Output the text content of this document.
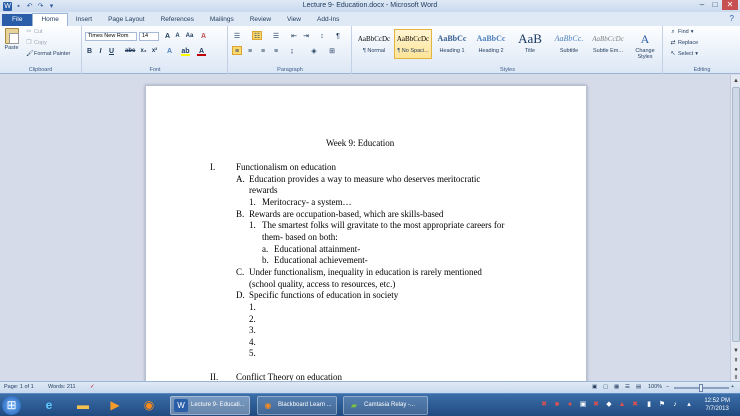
W ▪ ↶ ↷ ▾	Lecture 9- Education.docx - Microsoft Word	–	□	✕
File	Home	Insert	Page Layout	References	Mailings	Review	View	Add-Ins	?
Paste
✂ Cut
❐ Copy
🖌 Format Painter
Clipboard
Times New Rom	14	A A Aa A
B	I	U	abc x₂ x² A ab A
Font
☰ ☷ ☰ ⇤ ⇥	↕	¶
≡	≡	≡	≡	↨	◈	⊞
Paragraph
AaBbCcDc
¶ Normal
AaBbCcDc
¶ No Spaci...
AaBbCc
Heading 1
AaBbCc
Heading 2
AaB
Title
AaBbCc.
Subtitle
AaBbCcDc
Subtle Em...
A
Change Styles
Styles
⌕ Find ▾
⇄ Replace
↖ Select ▾
Editing
Week 9: Education
I. Functionalism on education
A. Education provides a way to measure who deserves meritocratic
rewards
1. Meritocracy- a system…
B. Rewards are occupation-based, which are skills-based
1. The smartest folks will gravitate to the most appropriate careers for
them- based on both:
a. Educational attainment-
b. Educational achievement-
C. Under functionalism, inequality in education is rarely mentioned
(school quality, access to resources, etc.)
D. Specific functions of education in society
1.
2.
3.
4.
5.
II. Conflict Theory on education
▲
▼
⇞
●
⇟
Page: 1 of 1	Words: 211	✓	▣ ▢ ▦ ☰ ▤ 100% −	+
⊞	e	▬	▶	◉	W	Lecture 9- Educati...	◉	Blackboard Learn ...	▰	Camtasia Relay -...	✖ ■ ● ▣ ✖ ◆ ▲ ✖ ▮ ⚑	♪	▴	12:52 PM
7/7/2013
